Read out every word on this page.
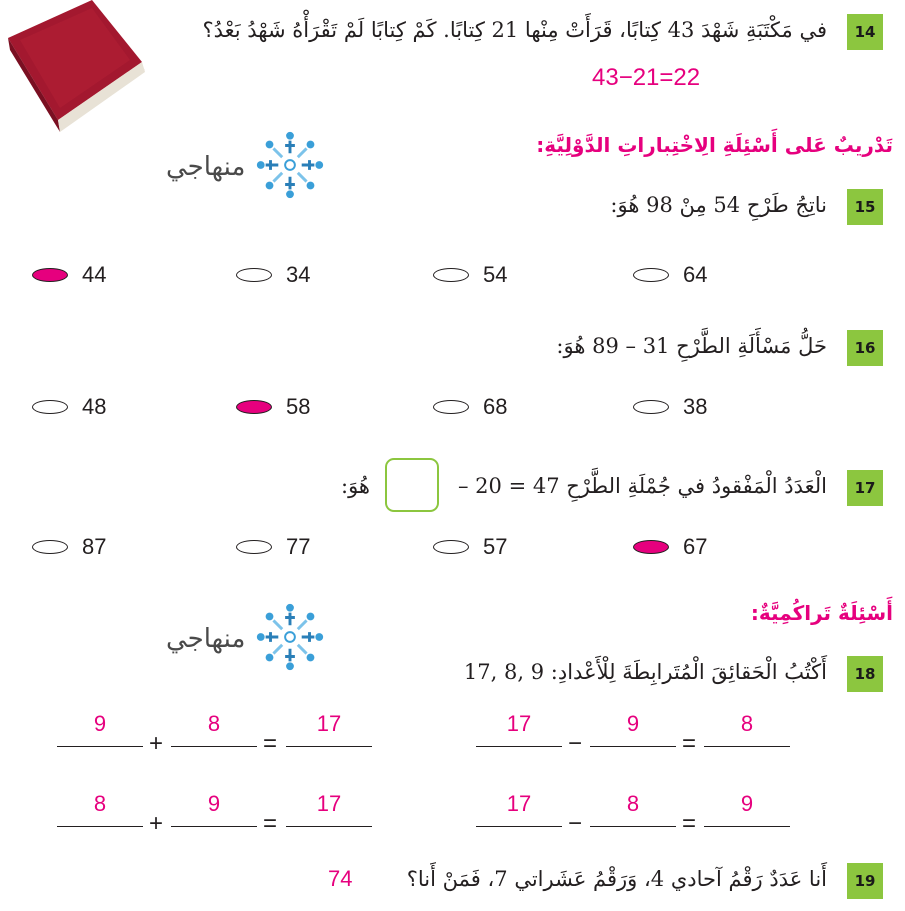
14
في مَكْتَبَةِ شَهْدَ 43 كِتابًا، قَرَأَتْ مِنْها 21 كِتابًا. كَمْ كِتابًا لَمْ تَقْرَأْهُ شَهْدُ بَعْدُ؟
43−21=22
تَدْريبٌ عَلى أَسْئِلَةِ الِاخْتِباراتِ الدَّوْلِيَّةِ:
منهاجي
15
ناتِجُ طَرْحِ 54 مِنْ 98 هُوَ:
44	34	54	64
16
حَلُّ مَسْأَلَةِ الطَّرْحِ 31 – 89 هُوَ:
48	58	68	38
17
الْعَدَدُ الْمَفْقودُ في جُمْلَةِ الطَّرْحِ 47 = 20 –
هُوَ:
87	77	57	67
أَسْئِلَةٌ تَراكُمِيَّةٌ:
منهاجي
18
أَكْتُبُ الْحَقائِقَ الْمُتَرابِطَةَ لِلْأَعْدادِ: 9 ,8 ,17
9
+
8
=
17	17
−
9
=
8
8
+
9
=
17	17
−
8
=
9
19
أَنا عَدَدٌ رَقْمُ آحادي 4، وَرَقْمُ عَشَراتي 7، فَمَنْ أَنا؟
74
